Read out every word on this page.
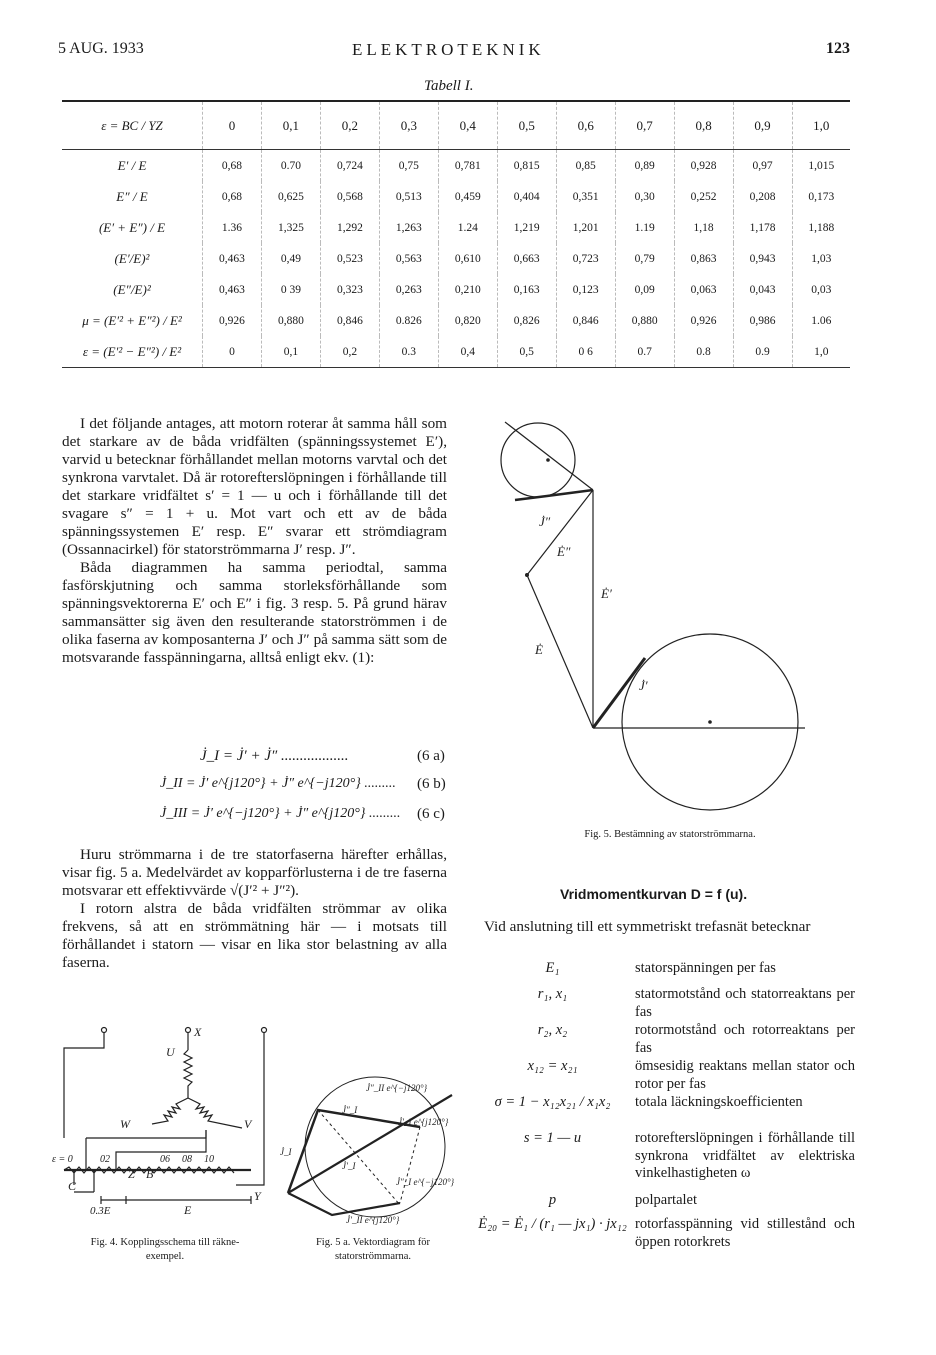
5 AUG. 1933	ELEKTROTEKNIK	123
Tabell I.
ε = BC / YZ	0	0,1	0,2	0,3	0,4	0,5	0,6	0,7	0,8	0,9	1,0
E′ / E	0,68	0.70	0,724	0,75	0,781	0,815	0,85	0,89	0,928	0,97	1,015
E″ / E	0,68	0,625	0,568	0,513	0,459	0,404	0,351	0,30	0,252	0,208	0,173
(E′ + E″) / E	1.36	1,325	1,292	1,263	1.24	1,219	1,201	1.19	1,18	1,178	1,188
(E′/E)²	0,463	0,49	0,523	0,563	0,610	0,663	0,723	0,79	0,863	0,943	1,03
(E″/E)²	0,463	0 39	0,323	0,263	0,210	0,163	0,123	0,09	0,063	0,043	0,03
μ = (E′² + E″²) / E²	0,926	0,880	0,846	0.826	0,820	0,826	0,846	0,880	0,926	0,986	1.06
ε = (E′² − E″²) / E²	0	0,1	0,2	0.3	0,4	0,5	0 6	0.7	0.8	0.9	1,0

I det följande antages, att motorn roterar åt samma håll som det starkare av de båda vridfälten (spänningssystemet E′), varvid u betecknar förhållandet mellan motorns varvtal och det synkrona varvtalet. Då är rotorefterslöpningen i förhållande till det starkare vridfältet s′ = 1 — u och i förhållande till det svagare s″ = 1 + u. Mot vart och ett av de båda spänningssystemen E′ resp. E″ svarar ett strömdiagram (Ossannacirkel) för statorströmmarna J′ resp. J″.

Båda diagrammen ha samma periodtal, samma fasförskjutning och samma storleksförhållande som spänningsvektorerna E′ och E″ i fig. 3 resp. 5. På grund härav sammansätter sig även den resulterande statorströmmen i de olika faserna av komposanterna J′ och J″ på samma sätt som de motsvarande fasspänningarna, alltså enligt ekv. (1):

J̇_I = J̇′ + J̇″ ..................	(6 a)
J̇_II = J̇′ e^{j120°} + J̇″ e^{−j120°} ......... (6 b)
J̇_III = J̇′ e^{−j120°} + J̇″ e^{j120°} ......... (6 c)

Huru strömmarna i de tre statorfaserna härefter erhållas, visar fig. 5 a. Medelvärdet av kopparförlusterna i de tre faserna motsvarar ett effektivvärde √(J′² + J″²).

I rotorn alstra de båda vridfälten strömmar av olika frekvens, så att en strömmätning här — i motsats till förhållandet i statorn — visar en lika stor belastning av alla faserna.

X
U
W	V
ε = 0	02	06 08 10
Z B
C
0.3E	E
Y
Fig. 4. Kopplingsschema till räkne-
exempel.
J̇″_II e^{−j120°}
J̇″_I
J̇′_I e^{j120°}
J̇_I
J̇′_I
J̇″_I e^{−j120°}
J̇′_II e^{j120°}
Fig. 5 a. Vektordiagram för
statorströmmarna.
J̇″
Ė″
Ė′
Ė
J̇′
Fig. 5. Bestämning av statorströmmarna.
Vridmomentkurvan D = f (u).

Vid anslutning till ett symmetriskt trefasnät betecknar

E₁	statorspänningen per fas
r₁, x₁	statormotstånd och statorreaktans per fas
r₂, x₂	rotormotstånd och rotorreaktans per fas
x₁₂ = x₂₁	ömsesidig reaktans mellan stator och rotor per fas
σ = 1 − x₁₂x₂₁ / x₁x₂	totala läckningskoefficienten
s = 1 — u	rotorefterslöpningen i förhållande till synkrona vridfältet av elektriska vinkelhastigheten ω
p	polpartalet
Ė₂₀ = Ė₁ / (r₁ — jx₁) · jx₁₂ rotorfasspänning vid stillestånd och öppen rotorkrets
